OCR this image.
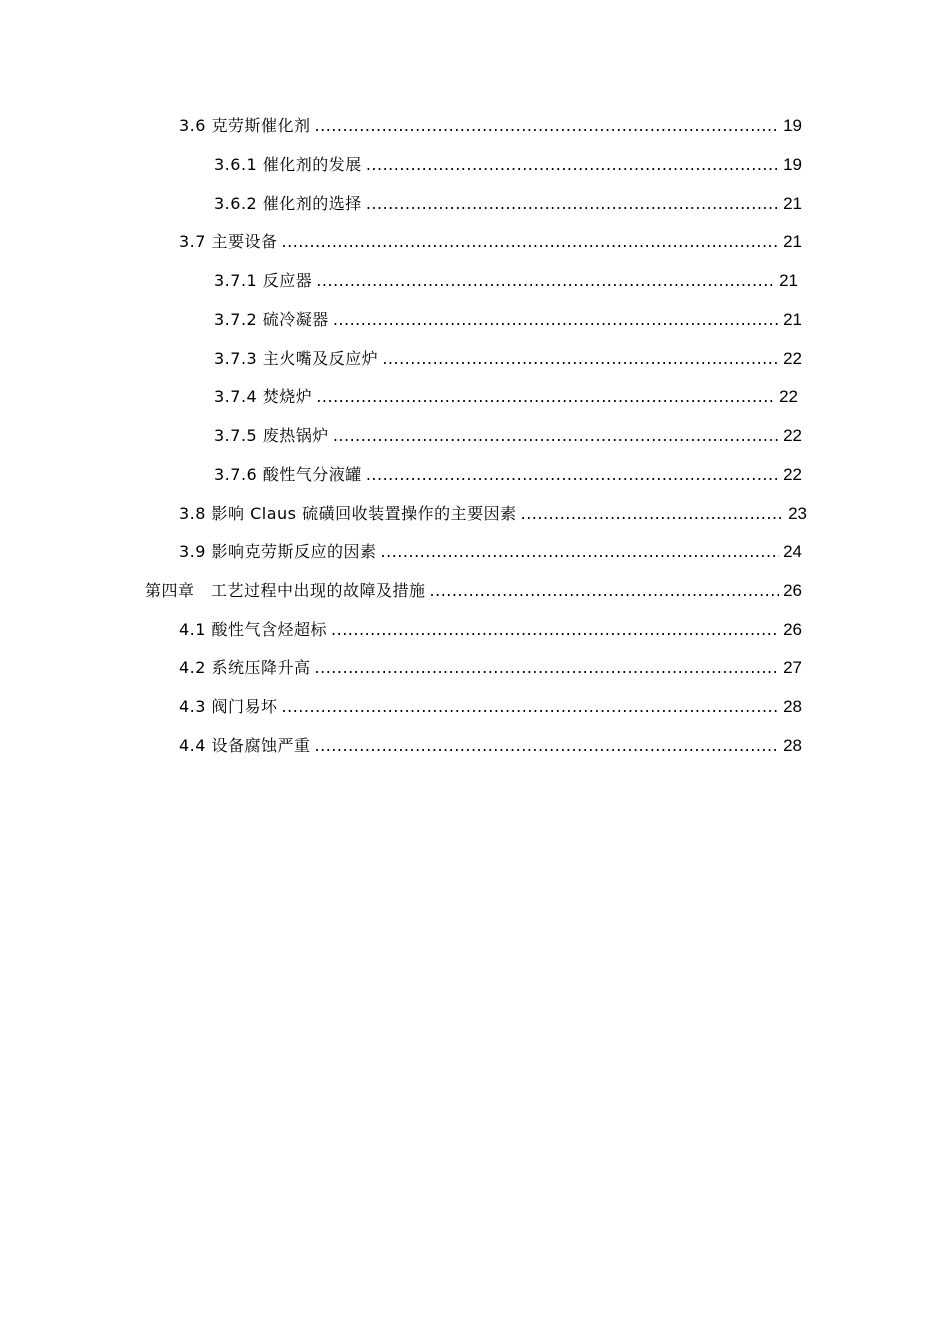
3.6 克劳斯催化剂 .....	19
3.6.1 催化剂的发展 .....	19
3.6.2 催化剂的选择 .....	21
3.7 主要设备 .....	21
3.7.1 反应器 .....	21
3.7.2 硫冷凝器 .....	21
3.7.3 主火嘴及反应炉 .....	22
3.7.4 焚烧炉 .....	22
3.7.5 废热锅炉 .....	22
3.7.6 酸性气分液罐 .....	22
3.8 影响 Claus 硫磺回收装置操作的主要因素 .....	23
3.9 影响克劳斯反应的因素 .....	24
第四章　工艺过程中出现的故障及措施 .....	26
4.1 酸性气含烃超标 .....	26
4.2 系统压降升高 .....	27
4.3 阀门易坏 .....	28
4.4 设备腐蚀严重 .....	28
